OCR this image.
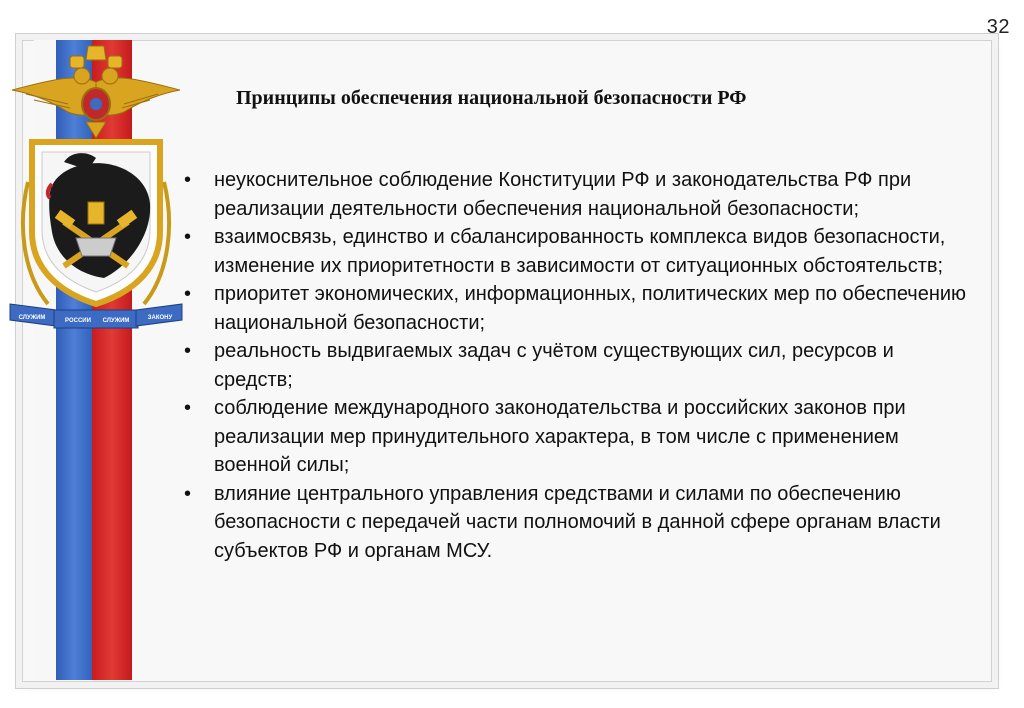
СЛУЖИМ	РОССИИ СЛУЖИМ	ЗАКОНУ
32
Принципы обеспечения национальной безопасности РФ
• неукоснительное соблюдение Конституции РФ и законодательства РФ при реализации деятельности обеспечения национальной безопасности;
• взаимосвязь, единство и сбалансированность комплекса видов безопасности, изменение их приоритетности в зависимости от ситуационных обстоятельств;
• приоритет экономических, информационных, политических мер по обеспечению национальной безопасности;
• реальность выдвигаемых задач с учётом существующих сил, ресурсов и средств;
• соблюдение международного законодательства и российских законов при реализации мер принудительного характера, в том числе с применением военной силы;
• влияние центрального управления средствами и силами по обеспечению безопасности с передачей части полномочий в данной сфере органам власти субъектов РФ и органам МСУ.
